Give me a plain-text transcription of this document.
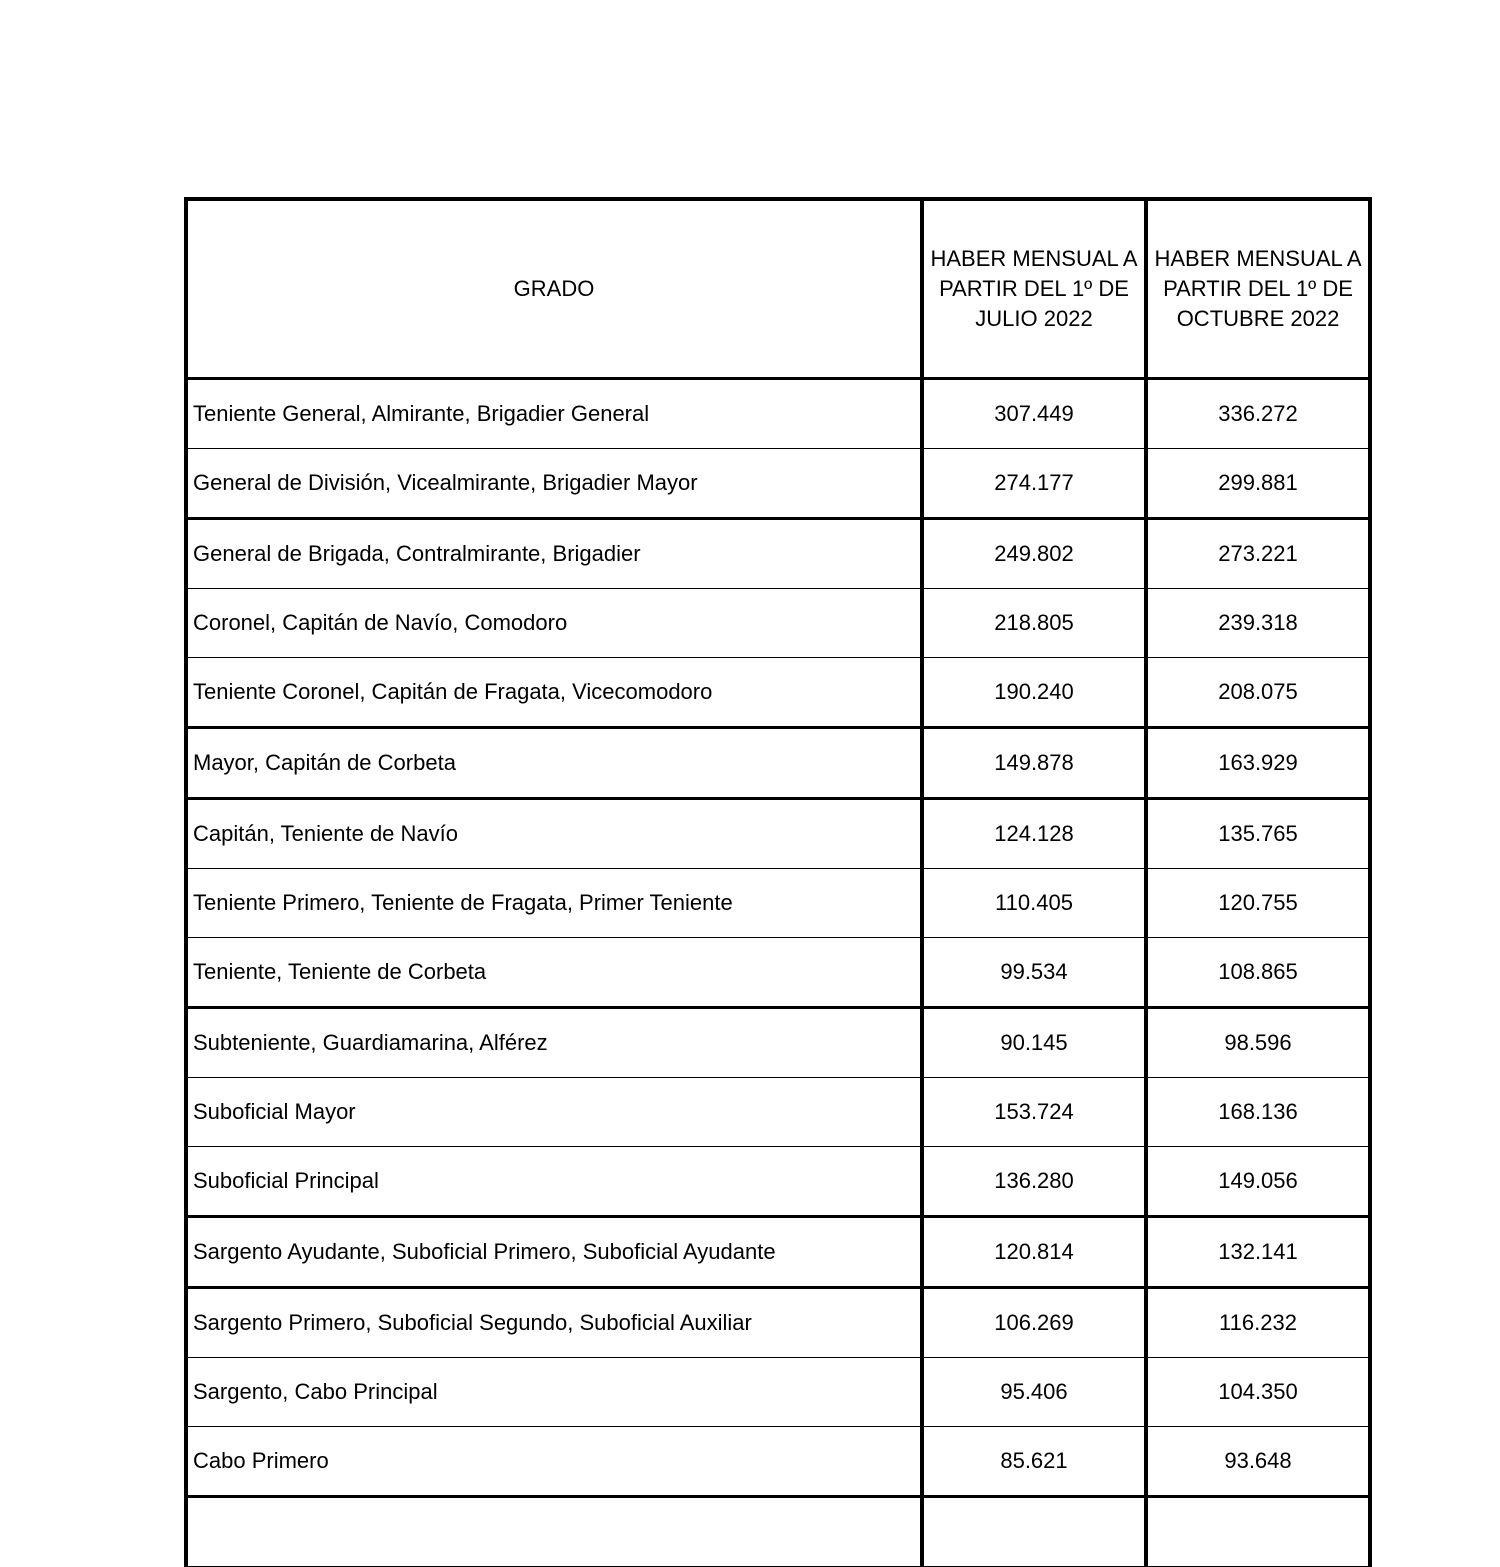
GRADO	HABER MENSUAL A PARTIR DEL 1º DE JULIO 2022	HABER MENSUAL A PARTIR DEL 1º DE OCTUBRE 2022
Teniente General, Almirante, Brigadier General	307.449	336.272
General de División, Vicealmirante, Brigadier Mayor	274.177	299.881
General de Brigada, Contralmirante, Brigadier	249.802	273.221
Coronel, Capitán de Navío, Comodoro	218.805	239.318
Teniente Coronel, Capitán de Fragata, Vicecomodoro	190.240	208.075
Mayor, Capitán de Corbeta	149.878	163.929
Capitán, Teniente de Navío	124.128	135.765
Teniente Primero, Teniente de Fragata, Primer Teniente	110.405	120.755
Teniente, Teniente de Corbeta	99.534	108.865
Subteniente, Guardiamarina, Alférez	90.145	98.596
Suboficial Mayor	153.724	168.136
Suboficial Principal	136.280	149.056
Sargento Ayudante, Suboficial Primero, Suboficial Ayudante	120.814	132.141
Sargento Primero, Suboficial Segundo, Suboficial Auxiliar	106.269	116.232
Sargento, Cabo Principal	95.406	104.350
Cabo Primero	85.621	93.648
